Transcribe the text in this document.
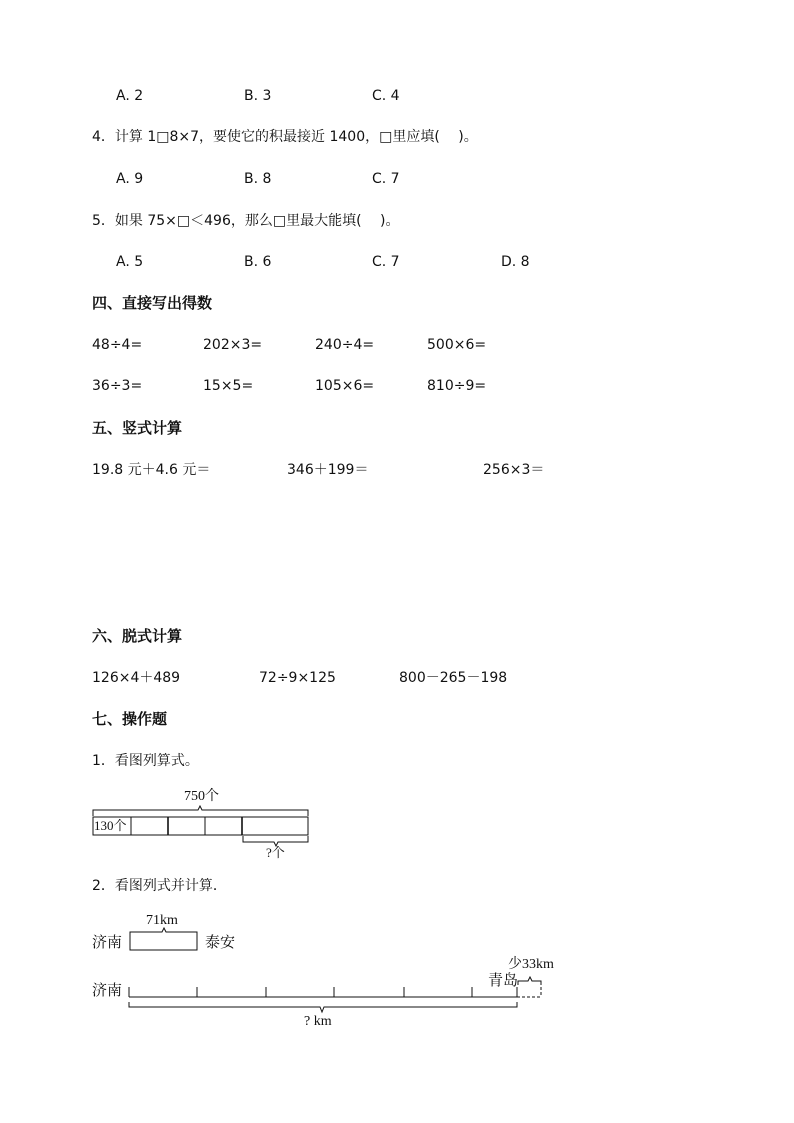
A. 2	B. 3	C. 4
4．计算 1□8×7，要使它的积最接近 1400，□里应填(　 )。
A. 9	B. 8	C. 7
5．如果 75×□＜496，那么□里最大能填(　 )。
A. 5	B. 6	C. 7	D. 8
四、直接写出得数
48÷4=	202×3=	240÷4=	500×6=
36÷3=	15×5=	105×6=	810÷9=
五、竖式计算
19.8 元＋4.6 元＝	346＋199＝	256×3＝
六、脱式计算
126×4＋489	72÷9×125	800－265－198
七、操作题
1．看图列算式。
750个
130个
?个
2．看图列式并计算．
71km
济南	泰安
少33km
青岛
济南
? km
